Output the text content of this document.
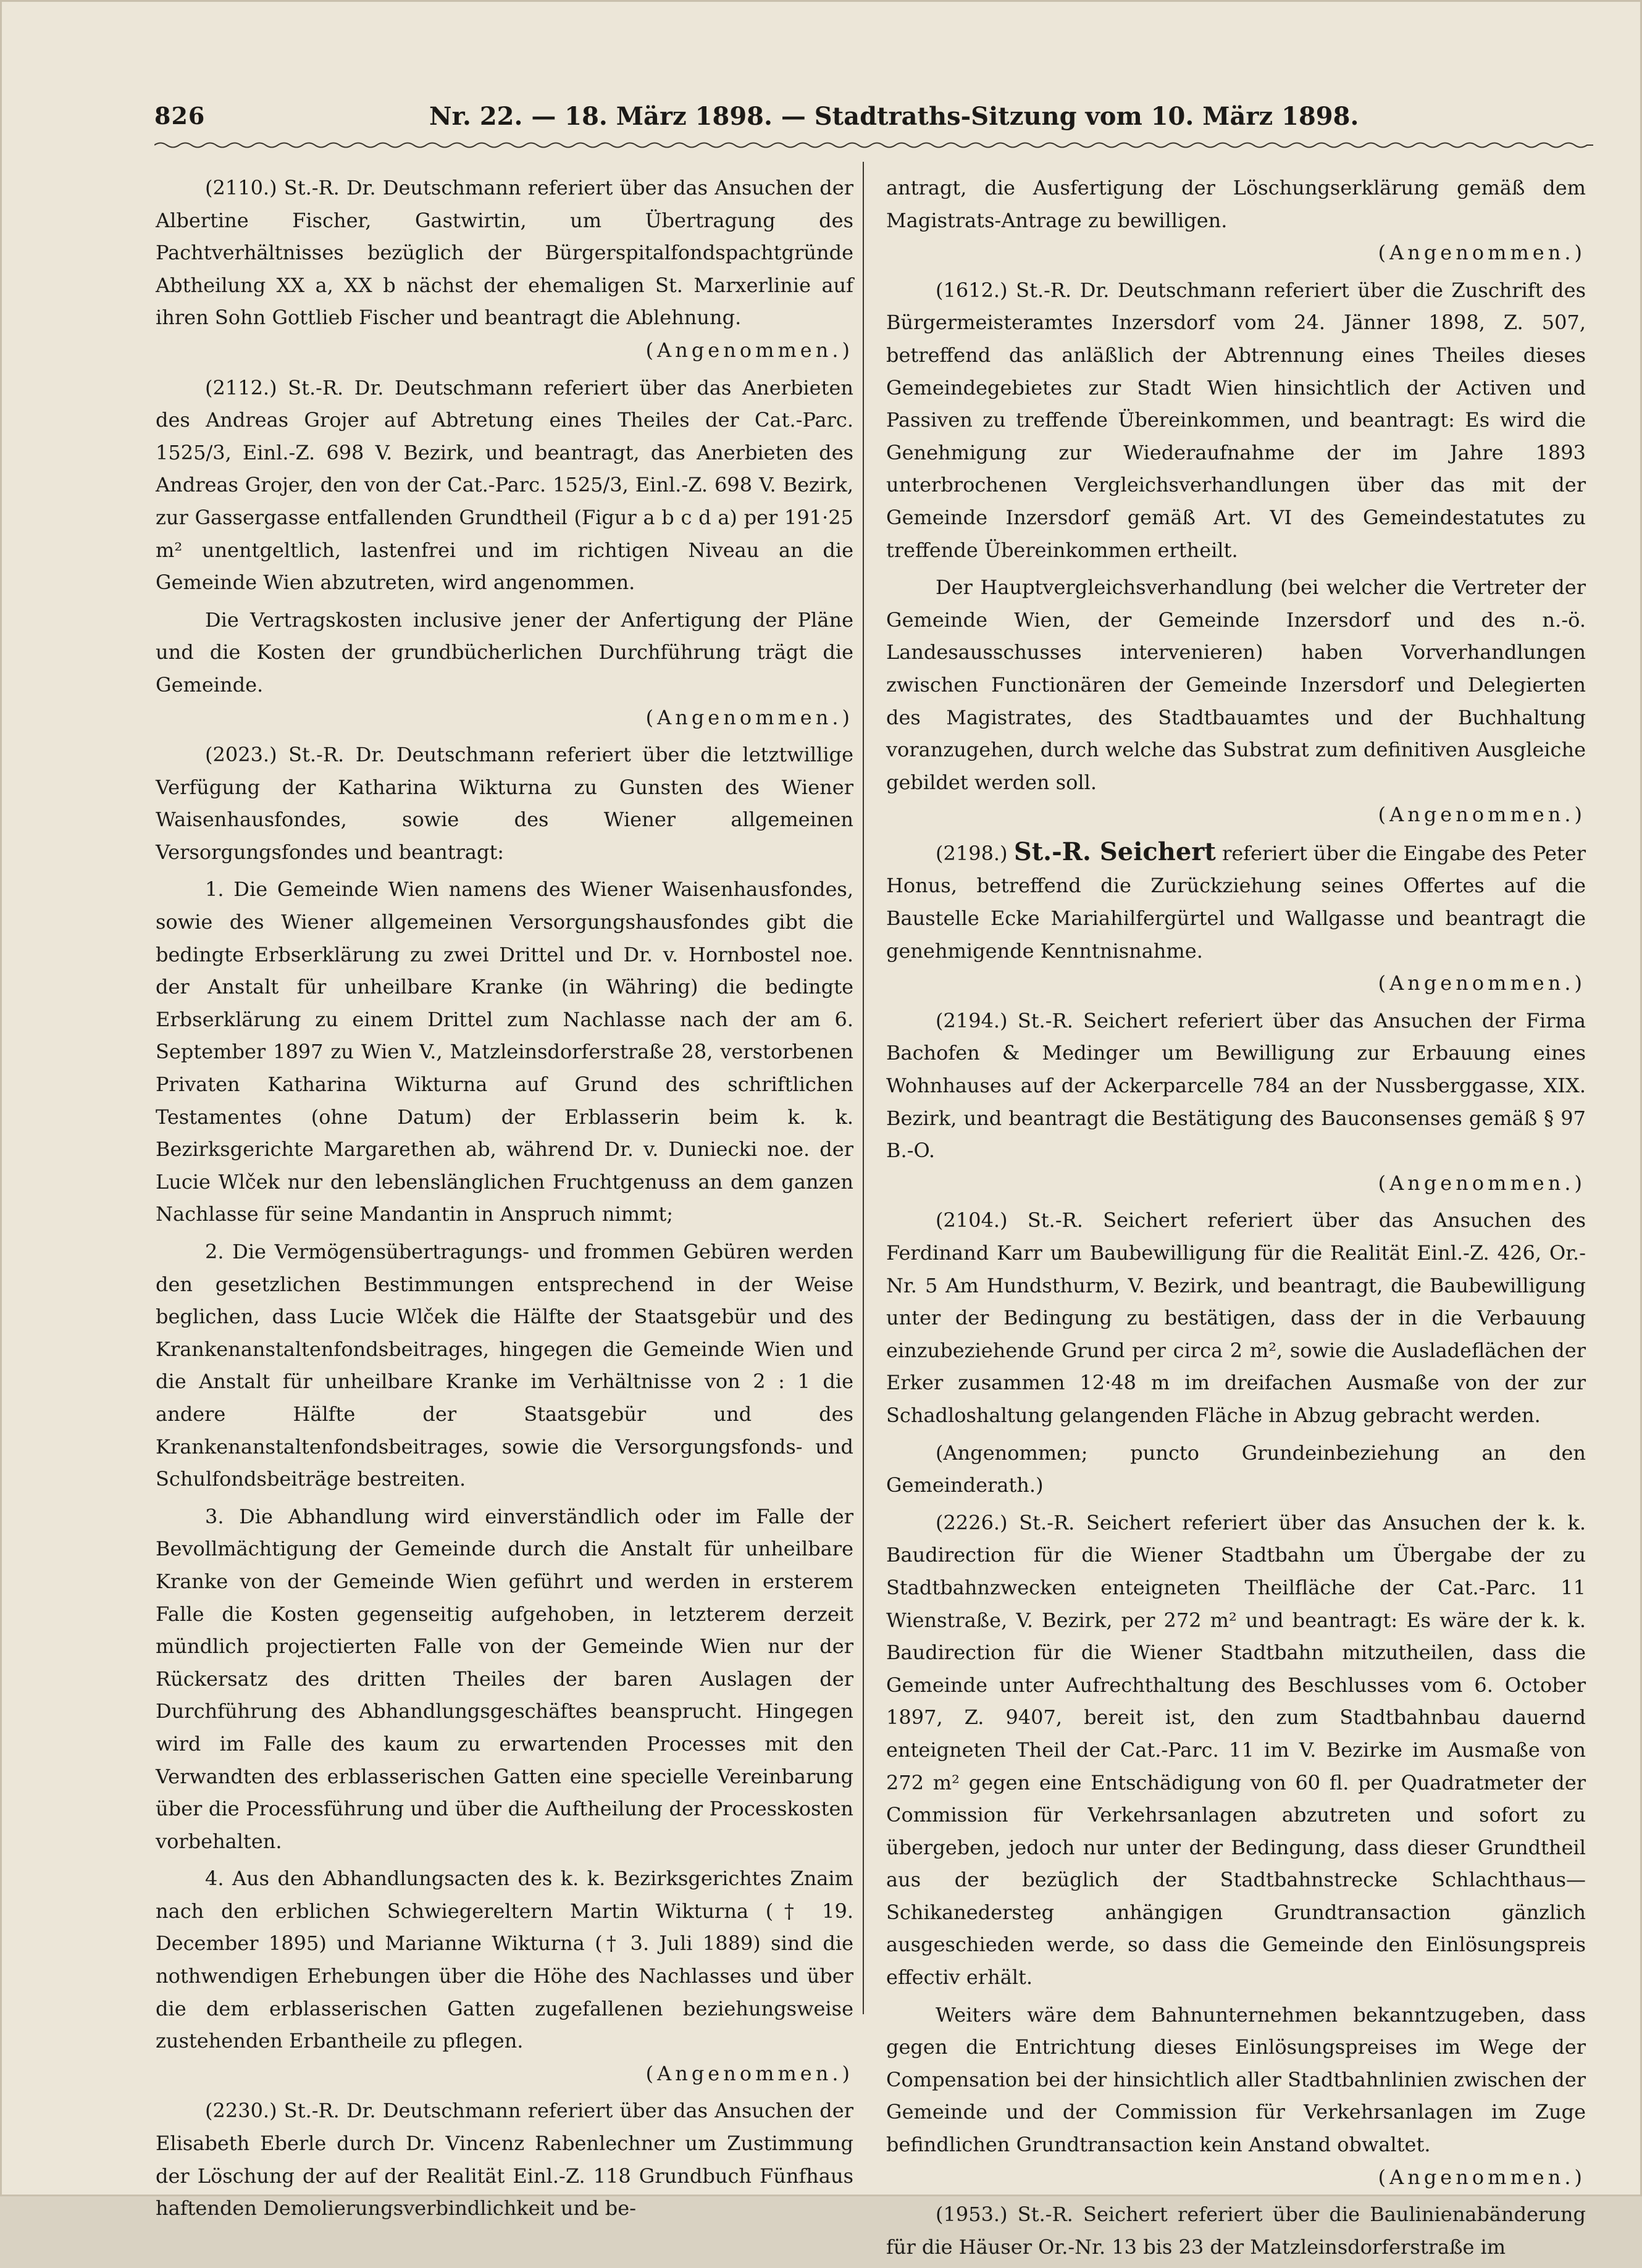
826	Nr. 22. — 18. März 1898. — Stadtraths-Sitzung vom 10. März 1898.

(2110.) St.-R. Dr. Deutschmann referiert über das Ansuchen der Albertine Fischer, Gastwirtin, um Übertragung des Pachtverhältnisses bezüglich der Bürgerspitalfondspachtgründe Abtheilung XX a, XX b nächst der ehemaligen St. Marxerlinie auf ihren Sohn Gottlieb Fischer und beantragt die Ablehnung.
(Angenommen.)

(2112.) St.-R. Dr. Deutschmann referiert über das Anerbieten des Andreas Grojer auf Abtretung eines Theiles der Cat.-Parc. 1525/3, Einl.-Z. 698 V. Bezirk, und beantragt, das Anerbieten des Andreas Grojer, den von der Cat.-Parc. 1525/3, Einl.-Z. 698 V. Bezirk, zur Gassergasse entfallenden Grundtheil (Figur a b c d a) per 191·25 m² unentgeltlich, lastenfrei und im richtigen Niveau an die Gemeinde Wien abzutreten, wird angenommen.

Die Vertragskosten inclusive jener der Anfertigung der Pläne und die Kosten der grundbücherlichen Durchführung trägt die Gemeinde.
(Angenommen.)

(2023.) St.-R. Dr. Deutschmann referiert über die letztwillige Verfügung der Katharina Wikturna zu Gunsten des Wiener Waisenhausfondes, sowie des Wiener allgemeinen Versorgungsfondes und beantragt:

1. Die Gemeinde Wien namens des Wiener Waisenhausfondes, sowie des Wiener allgemeinen Versorgungshausfondes gibt die bedingte Erbserklärung zu zwei Drittel und Dr. v. Hornbostel noe. der Anstalt für unheilbare Kranke (in Währing) die bedingte Erbserklärung zu einem Drittel zum Nachlasse nach der am 6. September 1897 zu Wien V., Matzleinsdorferstraße 28, verstorbenen Privaten Katharina Wikturna auf Grund des schriftlichen Testamentes (ohne Datum) der Erblasserin beim k. k. Bezirksgerichte Margarethen ab, während Dr. v. Duniecki noe. der Lucie Wlček nur den lebenslänglichen Fruchtgenuss an dem ganzen Nachlasse für seine Mandantin in Anspruch nimmt;

2. Die Vermögensübertragungs- und frommen Gebüren werden den gesetzlichen Bestimmungen entsprechend in der Weise beglichen, dass Lucie Wlček die Hälfte der Staatsgebür und des Krankenanstaltenfondsbeitrages, hingegen die Gemeinde Wien und die Anstalt für unheilbare Kranke im Verhältnisse von 2 : 1 die andere Hälfte der Staatsgebür und des Krankenanstaltenfondsbeitrages, sowie die Versorgungsfonds- und Schulfondsbeiträge bestreiten.

3. Die Abhandlung wird einverständlich oder im Falle der Bevollmächtigung der Gemeinde durch die Anstalt für unheilbare Kranke von der Gemeinde Wien geführt und werden in ersterem Falle die Kosten gegenseitig aufgehoben, in letzterem derzeit mündlich projectierten Falle von der Gemeinde Wien nur der Rückersatz des dritten Theiles der baren Auslagen der Durchführung des Abhandlungsgeschäftes beansprucht. Hingegen wird im Falle des kaum zu erwartenden Processes mit den Verwandten des erblasserischen Gatten eine specielle Vereinbarung über die Processführung und über die Auftheilung der Processkosten vorbehalten.

4. Aus den Abhandlungsacten des k. k. Bezirksgerichtes Znaim nach den erblichen Schwiegereltern Martin Wikturna († 19. December 1895) und Marianne Wikturna († 3. Juli 1889) sind die nothwendigen Erhebungen über die Höhe des Nachlasses und über die dem erblasserischen Gatten zugefallenen beziehungsweise zustehenden Erbantheile zu pflegen.
(Angenommen.)

(2230.) St.-R. Dr. Deutschmann referiert über das Ansuchen der Elisabeth Eberle durch Dr. Vincenz Rabenlechner um Zustimmung der Löschung der auf der Realität Einl.-Z. 118 Grundbuch Fünfhaus haftenden Demolierungsverbindlichkeit und be-

antragt, die Ausfertigung der Löschungserklärung gemäß dem Magistrats-Antrage zu bewilligen.
(Angenommen.)

(1612.) St.-R. Dr. Deutschmann referiert über die Zuschrift des Bürgermeisteramtes Inzersdorf vom 24. Jänner 1898, Z. 507, betreffend das anläßlich der Abtrennung eines Theiles dieses Gemeindegebietes zur Stadt Wien hinsichtlich der Activen und Passiven zu treffende Übereinkommen, und beantragt: Es wird die Genehmigung zur Wiederaufnahme der im Jahre 1893 unterbrochenen Vergleichsverhandlungen über das mit der Gemeinde Inzersdorf gemäß Art. VI des Gemeindestatutes zu treffende Übereinkommen ertheilt.

Der Hauptvergleichsverhandlung (bei welcher die Vertreter der Gemeinde Wien, der Gemeinde Inzersdorf und des n.-ö. Landesausschusses intervenieren) haben Vorverhandlungen zwischen Functionären der Gemeinde Inzersdorf und Delegierten des Magistrates, des Stadtbauamtes und der Buchhaltung voranzugehen, durch welche das Substrat zum definitiven Ausgleiche gebildet werden soll.
(Angenommen.)

(2198.) St.-R. Seichert referiert über die Eingabe des Peter Honus, betreffend die Zurückziehung seines Offertes auf die Baustelle Ecke Mariahilfergürtel und Wallgasse und beantragt die genehmigende Kenntnisnahme.
(Angenommen.)

(2194.) St.-R. Seichert referiert über das Ansuchen der Firma Bachofen & Medinger um Bewilligung zur Erbauung eines Wohnhauses auf der Ackerparcelle 784 an der Nussberggasse, XIX. Bezirk, und beantragt die Bestätigung des Bauconsenses gemäß § 97 B.-O.
(Angenommen.)

(2104.) St.-R. Seichert referiert über das Ansuchen des Ferdinand Karr um Baubewilligung für die Realität Einl.-Z. 426, Or.-Nr. 5 Am Hundsthurm, V. Bezirk, und beantragt, die Baubewilligung unter der Bedingung zu bestätigen, dass der in die Verbauung einzubeziehende Grund per circa 2 m², sowie die Ausladeflächen der Erker zusammen 12·48 m im dreifachen Ausmaße von der zur Schadloshaltung gelangenden Fläche in Abzug gebracht werden.

(Angenommen; puncto Grundeinbeziehung an den Gemeinderath.)

(2226.) St.-R. Seichert referiert über das Ansuchen der k. k. Baudirection für die Wiener Stadtbahn um Übergabe der zu Stadtbahnzwecken enteigneten Theilfläche der Cat.-Parc. 11 Wienstraße, V. Bezirk, per 272 m² und beantragt: Es wäre der k. k. Baudirection für die Wiener Stadtbahn mitzutheilen, dass die Gemeinde unter Aufrechthaltung des Beschlusses vom 6. October 1897, Z. 9407, bereit ist, den zum Stadtbahnbau dauernd enteigneten Theil der Cat.-Parc. 11 im V. Bezirke im Ausmaße von 272 m² gegen eine Entschädigung von 60 fl. per Quadratmeter der Commission für Verkehrsanlagen abzutreten und sofort zu übergeben, jedoch nur unter der Bedingung, dass dieser Grundtheil aus der bezüglich der Stadtbahnstrecke Schlachthaus—Schikanedersteg anhängigen Grundtransaction gänzlich ausgeschieden werde, so dass die Gemeinde den Einlösungspreis effectiv erhält.

Weiters wäre dem Bahnunternehmen bekanntzugeben, dass gegen die Entrichtung dieses Einlösungspreises im Wege der Compensation bei der hinsichtlich aller Stadtbahnlinien zwischen der Gemeinde und der Commission für Verkehrsanlagen im Zuge befindlichen Grundtransaction kein Anstand obwaltet.
(Angenommen.)

(1953.) St.-R. Seichert referiert über die Baulinienabänderung für die Häuser Or.-Nr. 13 bis 23 der Matzleinsdorferstraße im
